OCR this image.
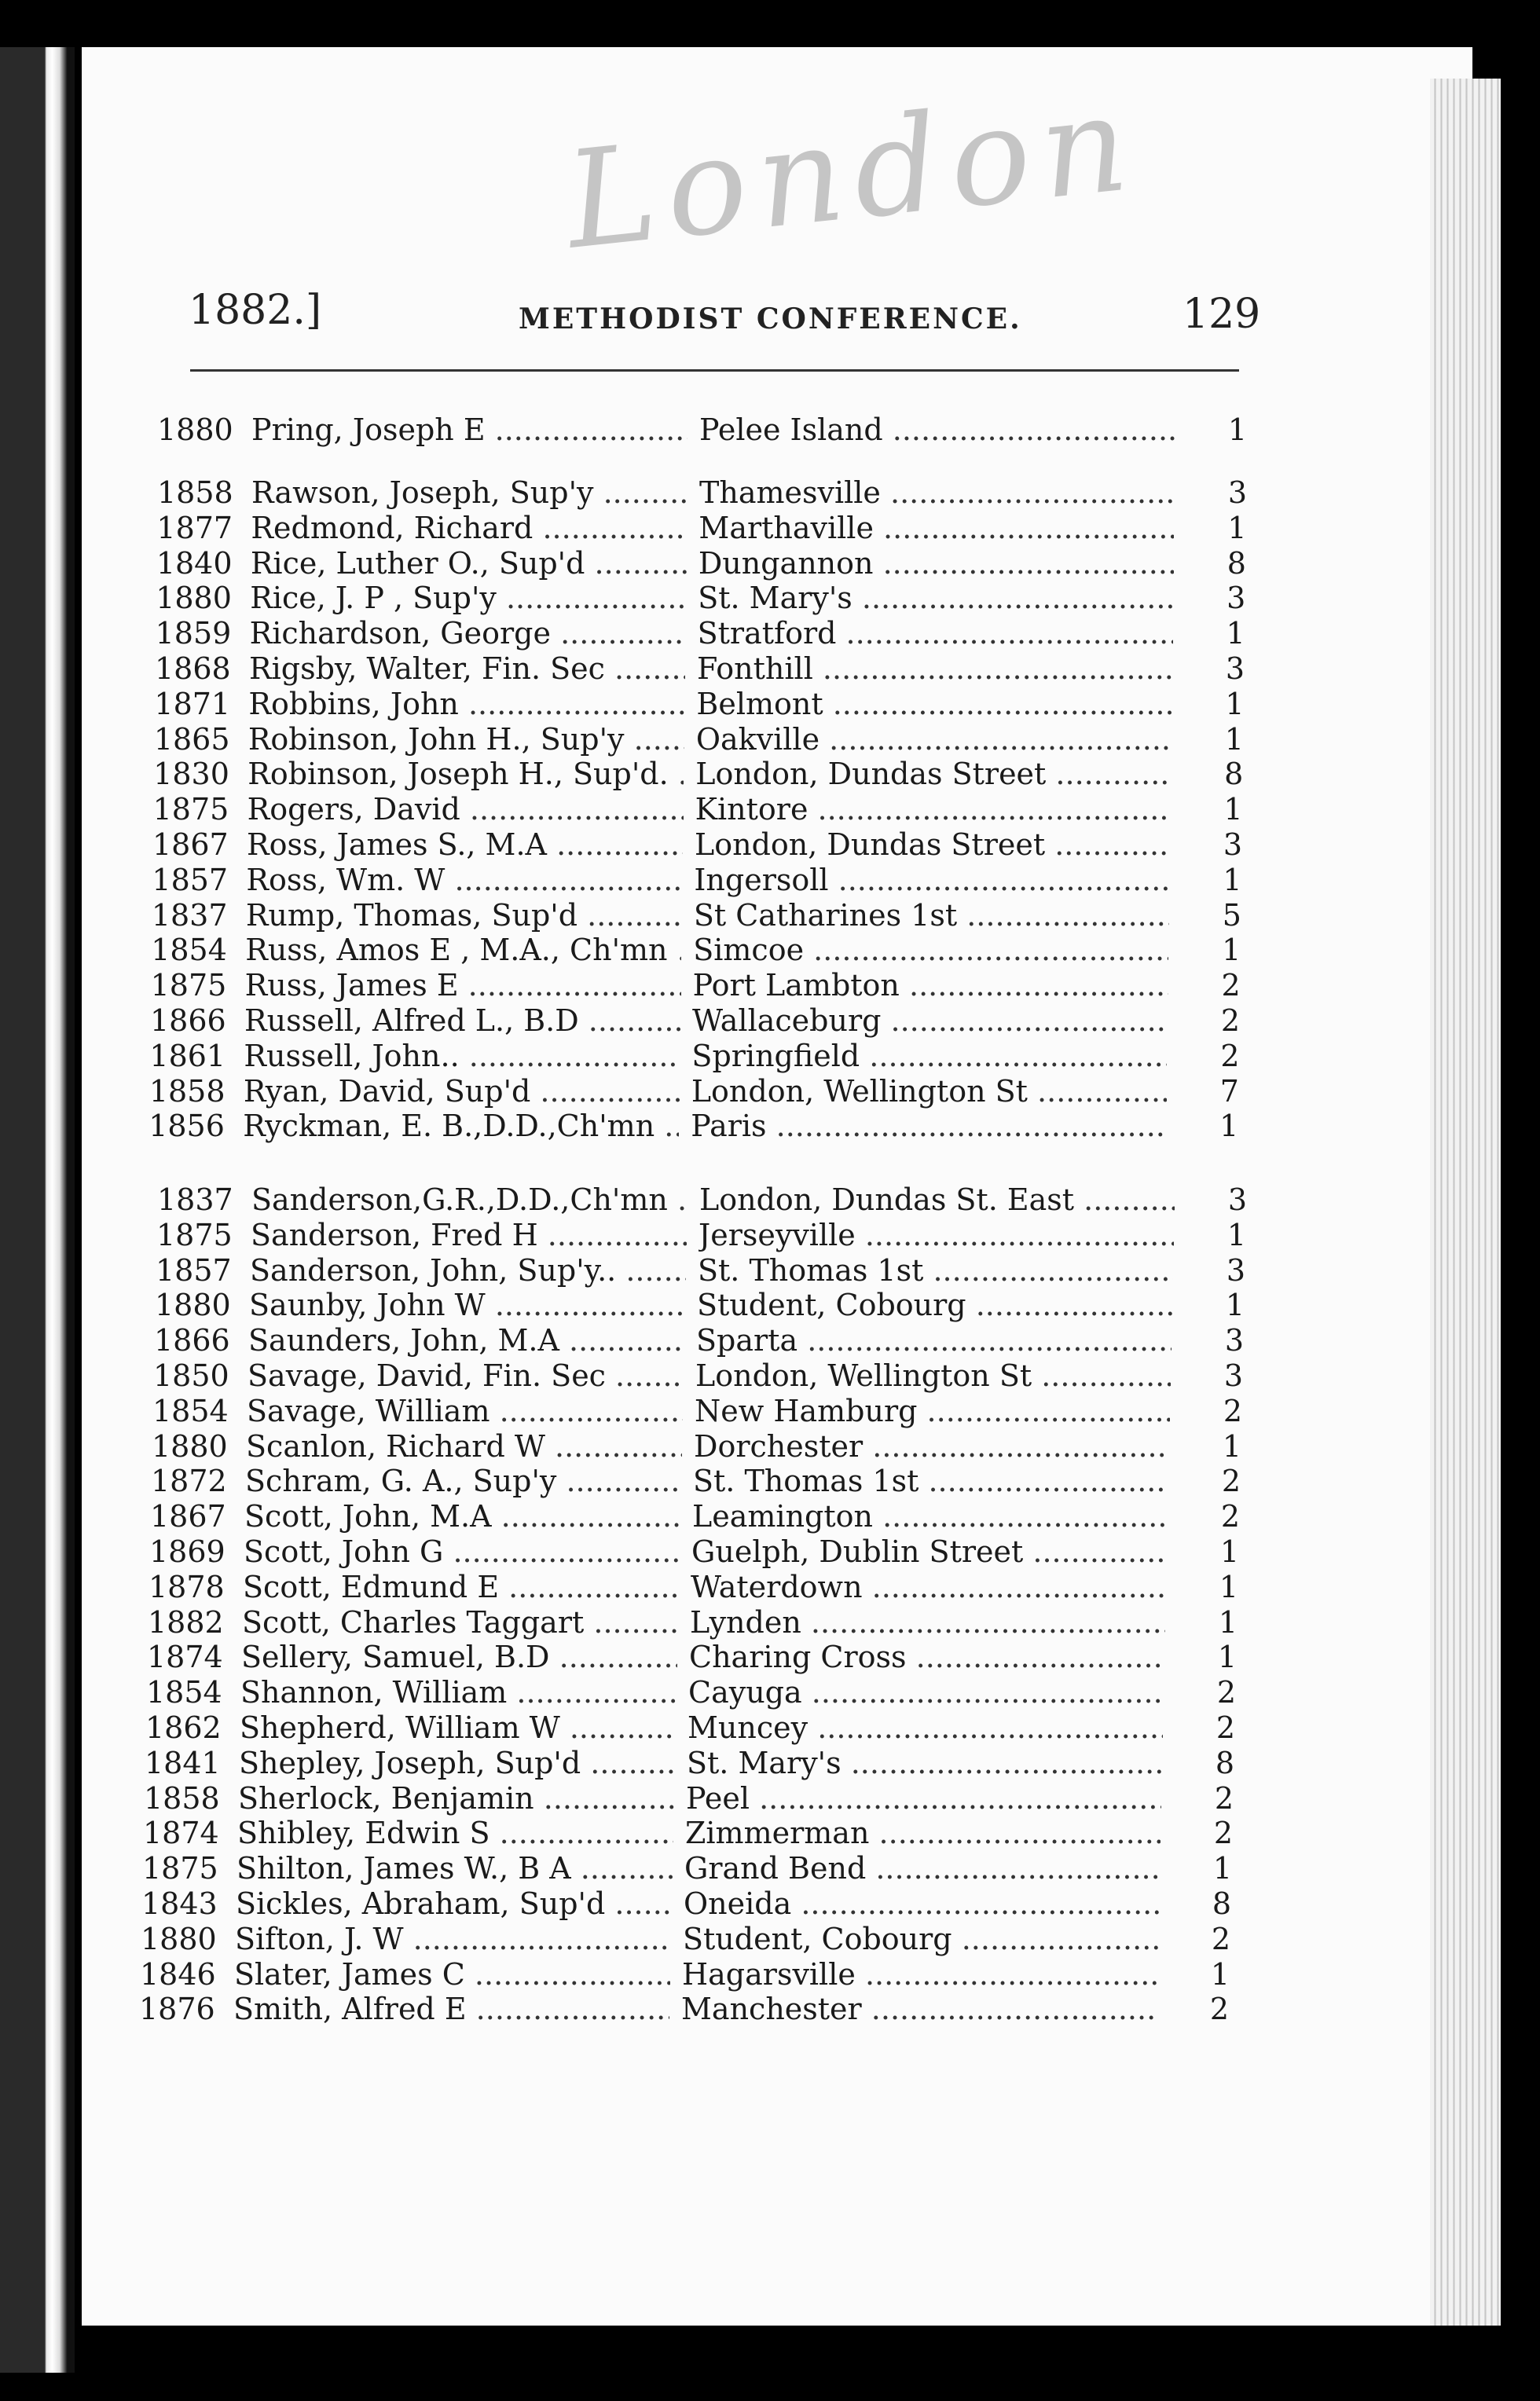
London
1882.]	METHODIST CONFERENCE.	129
1880 Pring, Joseph E .....	Pelee Island .....	1
1858 Rawson, Joseph, Sup'y .....	Thamesville .....	3
1877 Redmond, Richard .....	Marthaville .....	1
1840 Rice, Luther O., Sup'd .....	Dungannon .....	8
1880 Rice, J. P , Sup'y .....	St. Mary's .....	3
1859 Richardson, George .....	Stratford .....	1
1868 Rigsby, Walter, Fin. Sec .....	Fonthill .....	3
1871 Robbins, John .....	Belmont .....	1
1865 Robinson, John H., Sup'y .....	Oakville .....	1
1830 Robinson, Joseph H., Sup'd. ..... London, Dundas Street .....	8
1875 Rogers, David .....	Kintore .....	1
1867 Ross, James S., M.A .....	London, Dundas Street .....	3
1857 Ross, Wm. W .....	Ingersoll .....	1
1837 Rump, Thomas, Sup'd .....	St Catharines 1st .....	5
1854 Russ, Amos E , M.A., Ch'mn ..... Simcoe .....	1
1875 Russ, James E .....	Port Lambton .....	2
1866 Russell, Alfred L., B.D .....	Wallaceburg .....	2
1861 Russell, John.. .....	Springfield .....	2
1858 Ryan, David, Sup'd .....	London, Wellington St .....	7
1856 Ryckman, E. B.,D.D.,Ch'mn .....	Paris .....	1
1837 Sanderson,G.R.,D.D.,Ch'mn .....	London, Dundas St. East .....	3
1875 Sanderson, Fred H .....	Jerseyville .....	1
1857 Sanderson, John, Sup'y.. .....	St. Thomas 1st .....	3
1880 Saunby, John W .....	Student, Cobourg .....	1
1866 Saunders, John, M.A .....	Sparta .....	3
1850 Savage, David, Fin. Sec .....	London, Wellington St .....	3
1854 Savage, William .....	New Hamburg .....	2
1880 Scanlon, Richard W .....	Dorchester .....	1
1872 Schram, G. A., Sup'y .....	St. Thomas 1st .....	2
1867 Scott, John, M.A .....	Leamington .....	2
1869 Scott, John G .....	Guelph, Dublin Street .....	1
1878 Scott, Edmund E .....	Waterdown .....	1
1882 Scott, Charles Taggart .....	Lynden .....	1
1874 Sellery, Samuel, B.D .....	Charing Cross .....	1
1854 Shannon, William .....	Cayuga .....	2
1862 Shepherd, William W .....	Muncey .....	2
1841 Shepley, Joseph, Sup'd .....	St. Mary's .....	8
1858 Sherlock, Benjamin .....	Peel .....	2
1874 Shibley, Edwin S .....	Zimmerman .....	2
1875 Shilton, James W., B A .....	Grand Bend .....	1
1843 Sickles, Abraham, Sup'd .....	Oneida .....	8
1880 Sifton, J. W .....	Student, Cobourg .....	2
1846 Slater, James C .....	Hagarsville .....	1
1876 Smith, Alfred E .....	Manchester .....	2
